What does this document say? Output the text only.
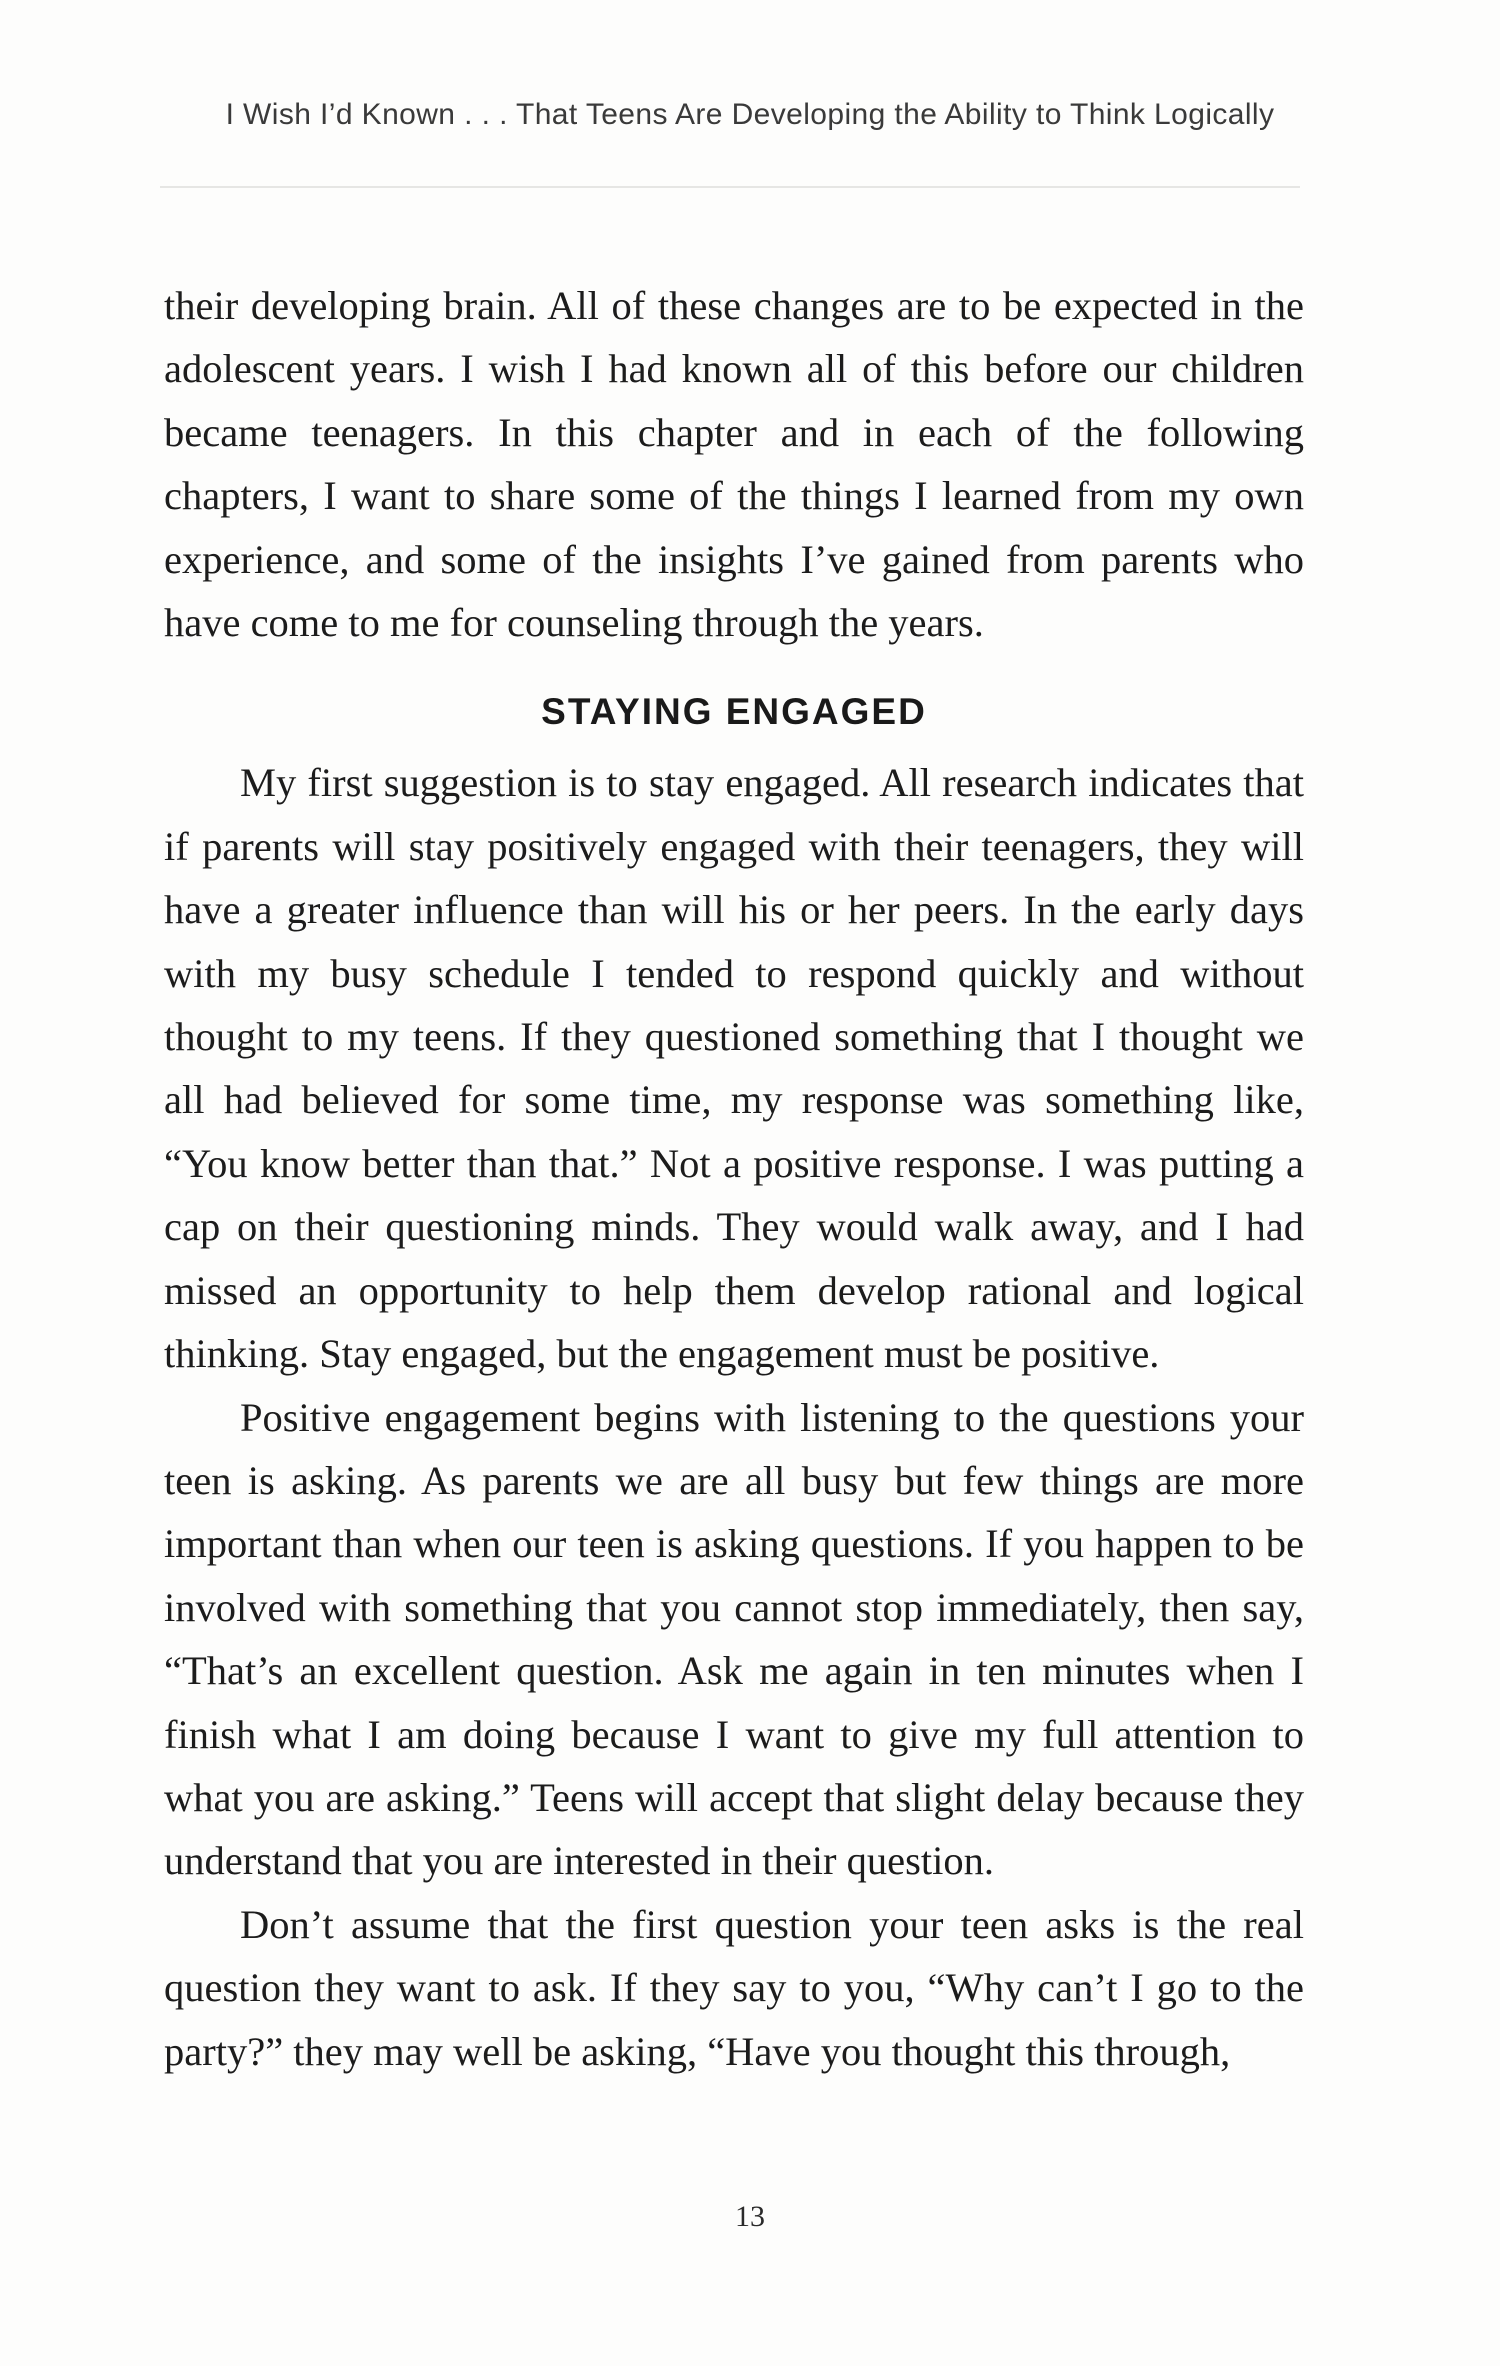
I Wish I’d Known . . . That Teens Are Developing the Ability to Think Logically

their developing brain. All of these changes are to be expected in the adolescent years. I wish I had known all of this before our children became teenagers. In this chapter and in each of the following chapters, I want to share some of the things I learned from my own experience, and some of the insights I’ve gained from parents who have come to me for counseling through the years.

STAYING ENGAGED

My first suggestion is to stay engaged. All research indicates that if parents will stay positively engaged with their teenagers, they will have a greater influence than will his or her peers. In the early days with my busy schedule I tended to respond quickly and without thought to my teens. If they questioned something that I thought we all had believed for some time, my response was something like, “You know better than that.” Not a positive response. I was putting a cap on their questioning minds. They would walk away, and I had missed an opportunity to help them develop rational and logical thinking. Stay engaged, but the engagement must be positive.

Positive engagement begins with listening to the questions your teen is asking. As parents we are all busy but few things are more important than when our teen is asking questions. If you happen to be involved with something that you cannot stop immediately, then say, “That’s an excellent question. Ask me again in ten minutes when I finish what I am doing because I want to give my full attention to what you are asking.” Teens will accept that slight delay because they understand that you are interested in their question.

Don’t assume that the first question your teen asks is the real question they want to ask. If they say to you, “Why can’t I go to the party?” they may well be asking, “Have you thought this through,

13
